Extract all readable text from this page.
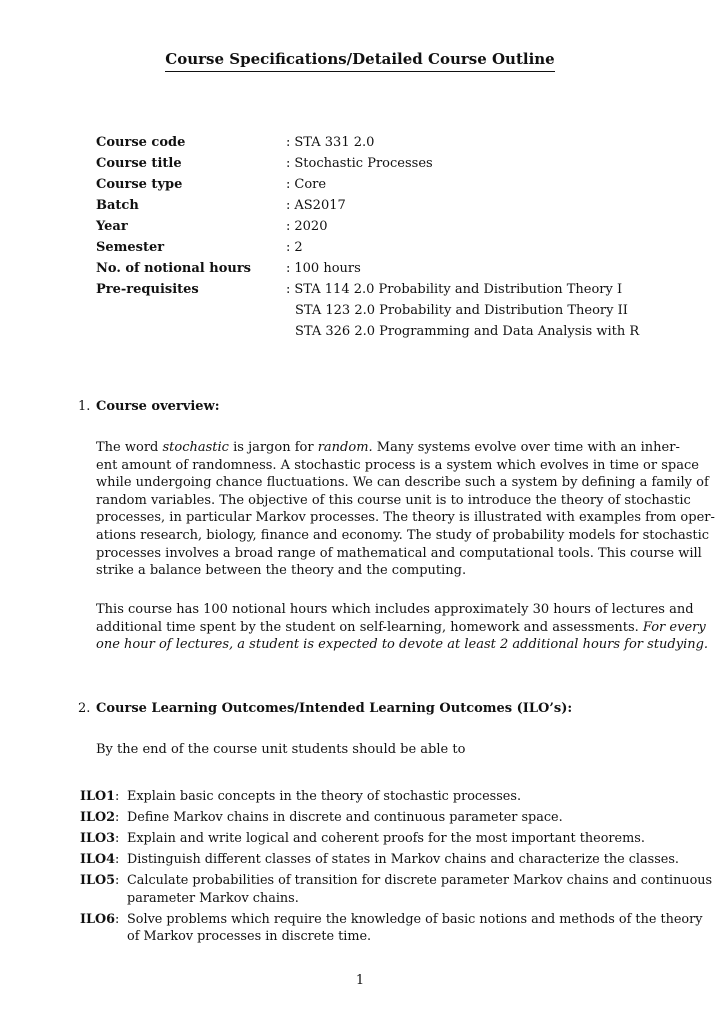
Course Specifications/Detailed Course Outline
Course code	: STA 331 2.0
Course title	: Stochastic Processes
Course type	: Core
Batch	: AS2017
Year	: 2020
Semester	: 2
No. of notional hours	: 100 hours
Pre-requisites	: STA 114 2.0 Probability and Distribution Theory I
STA 123 2.0 Probability and Distribution Theory II
STA 326 2.0 Programming and Data Analysis with R
1. Course overview:
The word stochastic is jargon for random. Many systems evolve over time with an inher-
ent amount of randomness. A stochastic process is a system which evolves in time or space
while undergoing chance fluctuations. We can describe such a system by defining a family of
random variables. The objective of this course unit is to introduce the theory of stochastic
processes, in particular Markov processes. The theory is illustrated with examples from oper-
ations research, biology, finance and economy. The study of probability models for stochastic
processes involves a broad range of mathematical and computational tools. This course will
strike a balance between the theory and the computing.
This course has 100 notional hours which includes approximately 30 hours of lectures and
additional time spent by the student on self-learning, homework and assessments. For every
one hour of lectures, a student is expected to devote at least 2 additional hours for studying.
2. Course Learning Outcomes/Intended Learning Outcomes (ILO’s):
By the end of the course unit students should be able to
ILO1: Explain basic concepts in the theory of stochastic processes.
ILO2: Define Markov chains in discrete and continuous parameter space.
ILO3: Explain and write logical and coherent proofs for the most important theorems.
ILO4: Distinguish different classes of states in Markov chains and characterize the classes.
ILO5: Calculate probabilities of transition for discrete parameter Markov chains and continuous
parameter Markov chains.
ILO6: Solve problems which require the knowledge of basic notions and methods of the theory
of Markov processes in discrete time.
1
